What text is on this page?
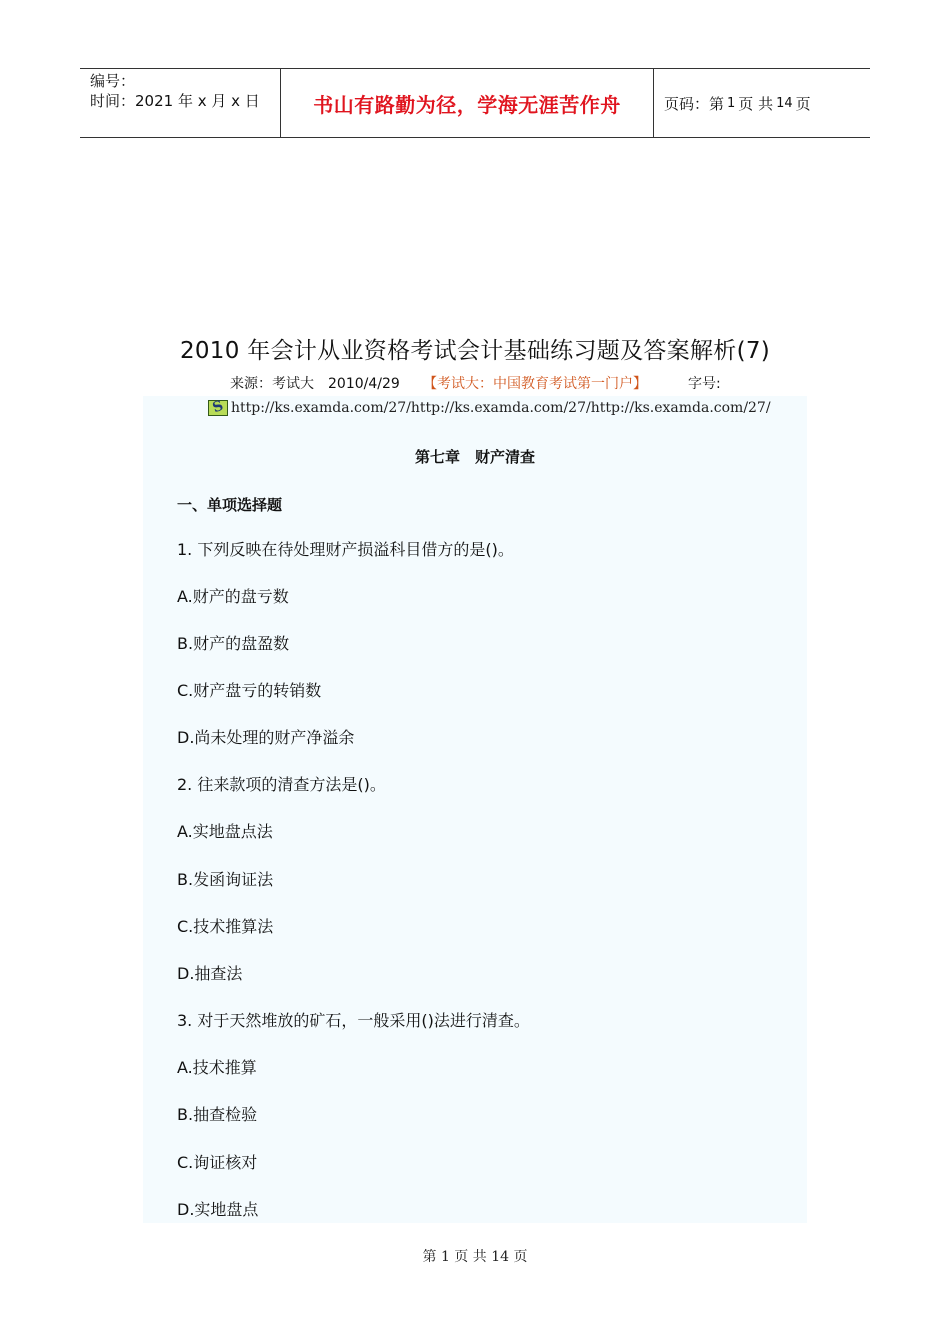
编号：
时间：2021 年 x 月 x 日	书山有路勤为径，学海无涯苦作舟	页码：第 1 页 共 14 页
2010 年会计从业资格考试会计基础练习题及答案解析(7)
来源：考试大 2010/4/29 【考试大：中国教育考试第一门户】	字号:
S
http://ks.examda.com/27/http://ks.examda.com/27/http://ks.examda.com/27/
第七章　财产清查
一、单项选择题
1. 下列反映在待处理财产损溢科目借方的是()。
A.财产的盘亏数
B.财产的盘盈数
C.财产盘亏的转销数
D.尚未处理的财产净溢余
2. 往来款项的清查方法是()。
A.实地盘点法
B.发函询证法
C.技术推算法
D.抽查法
3. 对于天然堆放的矿石，一般采用()法进行清查。
A.技术推算
B.抽查检验
C.询证核对
D.实地盘点
第 1 页 共 14 页
